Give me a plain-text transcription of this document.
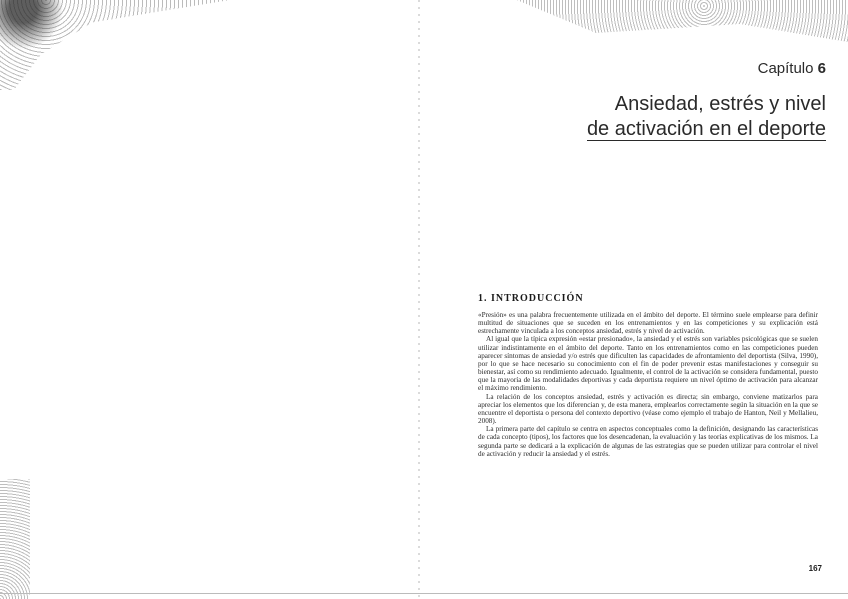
Capítulo 6
Ansiedad, estrés y nivel
de activación en el deporte
1. INTRODUCCIÓN

«Presión» es una palabra frecuentemente utilizada en el ámbito del deporte. El término suele emplearse para definir multitud de situaciones que se suceden en los entrenamientos y en las competiciones y su explicación está estrechamente vinculada a los conceptos ansiedad, estrés y nivel de activación.

Al igual que la típica expresión «estar presionado», la ansiedad y el estrés son variables psicológicas que se suelen utilizar indistintamente en el ámbito del deporte. Tanto en los entrenamientos como en las competiciones pueden aparecer síntomas de ansiedad y/o estrés que dificulten las capacidades de afrontamiento del deportista (Silva, 1990), por lo que se hace necesario su conocimiento con el fin de poder prevenir estas manifestaciones y conseguir su bienestar, así como su rendimiento adecuado. Igualmente, el control de la activación se considera fundamental, puesto que la mayoría de las modalidades deportivas y cada deportista requiere un nivel óptimo de activación para alcanzar el máximo rendimiento.

La relación de los conceptos ansiedad, estrés y activación es directa; sin embargo, conviene matizarlos para apreciar los elementos que los diferencian y, de esta manera, emplearlos correctamente según la situación en la que se encuentre el deportista o persona del contexto deportivo (véase como ejemplo el trabajo de Hanton, Neil y Mellalieu, 2008).

La primera parte del capítulo se centra en aspectos conceptuales como la definición, designando las características de cada concepto (tipos), los factores que los desencadenan, la evaluación y las teorías explicativas de los mismos. La segunda parte se dedicará a la explicación de algunas de las estrategias que se pueden utilizar para controlar el nivel de activación y reducir la ansiedad y el estrés.

167
